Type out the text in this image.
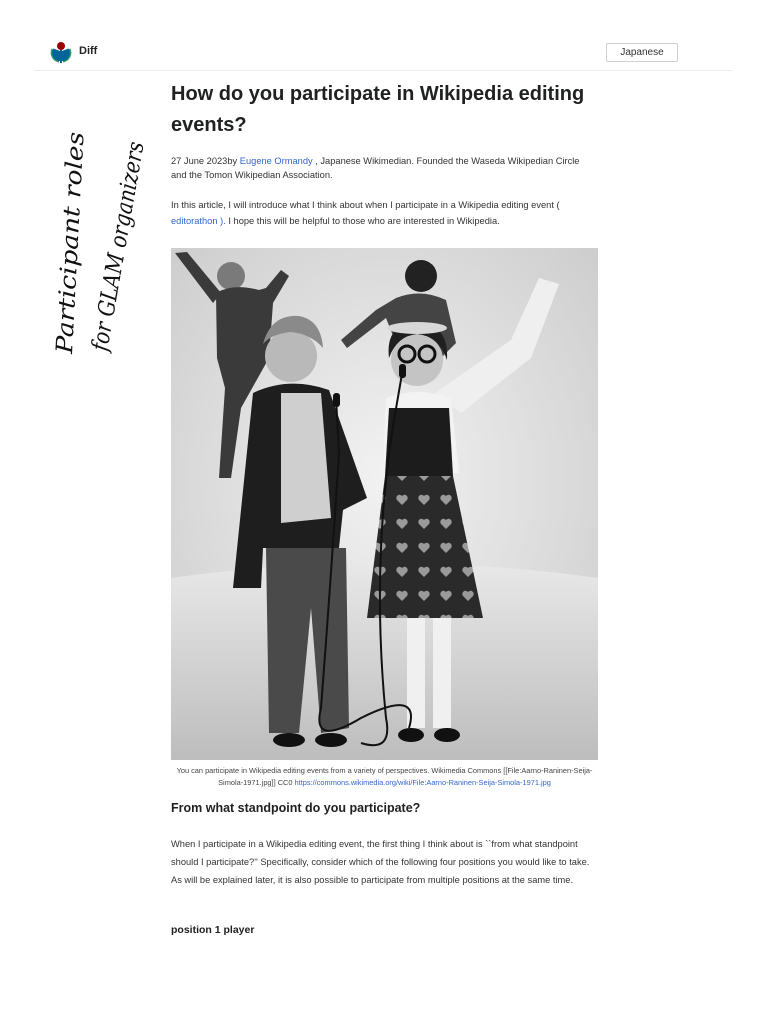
Diff	Japanese
Participant roles for GLAM organizers
How do you participate in Wikipedia editing events?
27 June 2023by Eugene Ormandy , Japanese Wikimedian. Founded the Waseda Wikipedian Circle and the Tomon Wikipedian Association.

In this article, I will introduce what I think about when I participate in a Wikipedia editing event ( editorathon ). I hope this will be helpful to those who are interested in Wikipedia.

You can participate in Wikipedia editing events from a variety of perspectives. Wikimedia Commons [[File:Aarno-Raninen-Seija-Simola-1971.jpg]] CC0 https://commons.wikimedia.org/wiki/File:Aarno-Raninen-Seija-Simola-1971.jpg
From what standpoint do you participate?

When I participate in a Wikipedia editing event, the first thing I think about is ``from what standpoint should I participate?'' Specifically, consider which of the following four positions you would like to take. As will be explained later, it is also possible to participate from multiple positions at the same time.

position 1 player
